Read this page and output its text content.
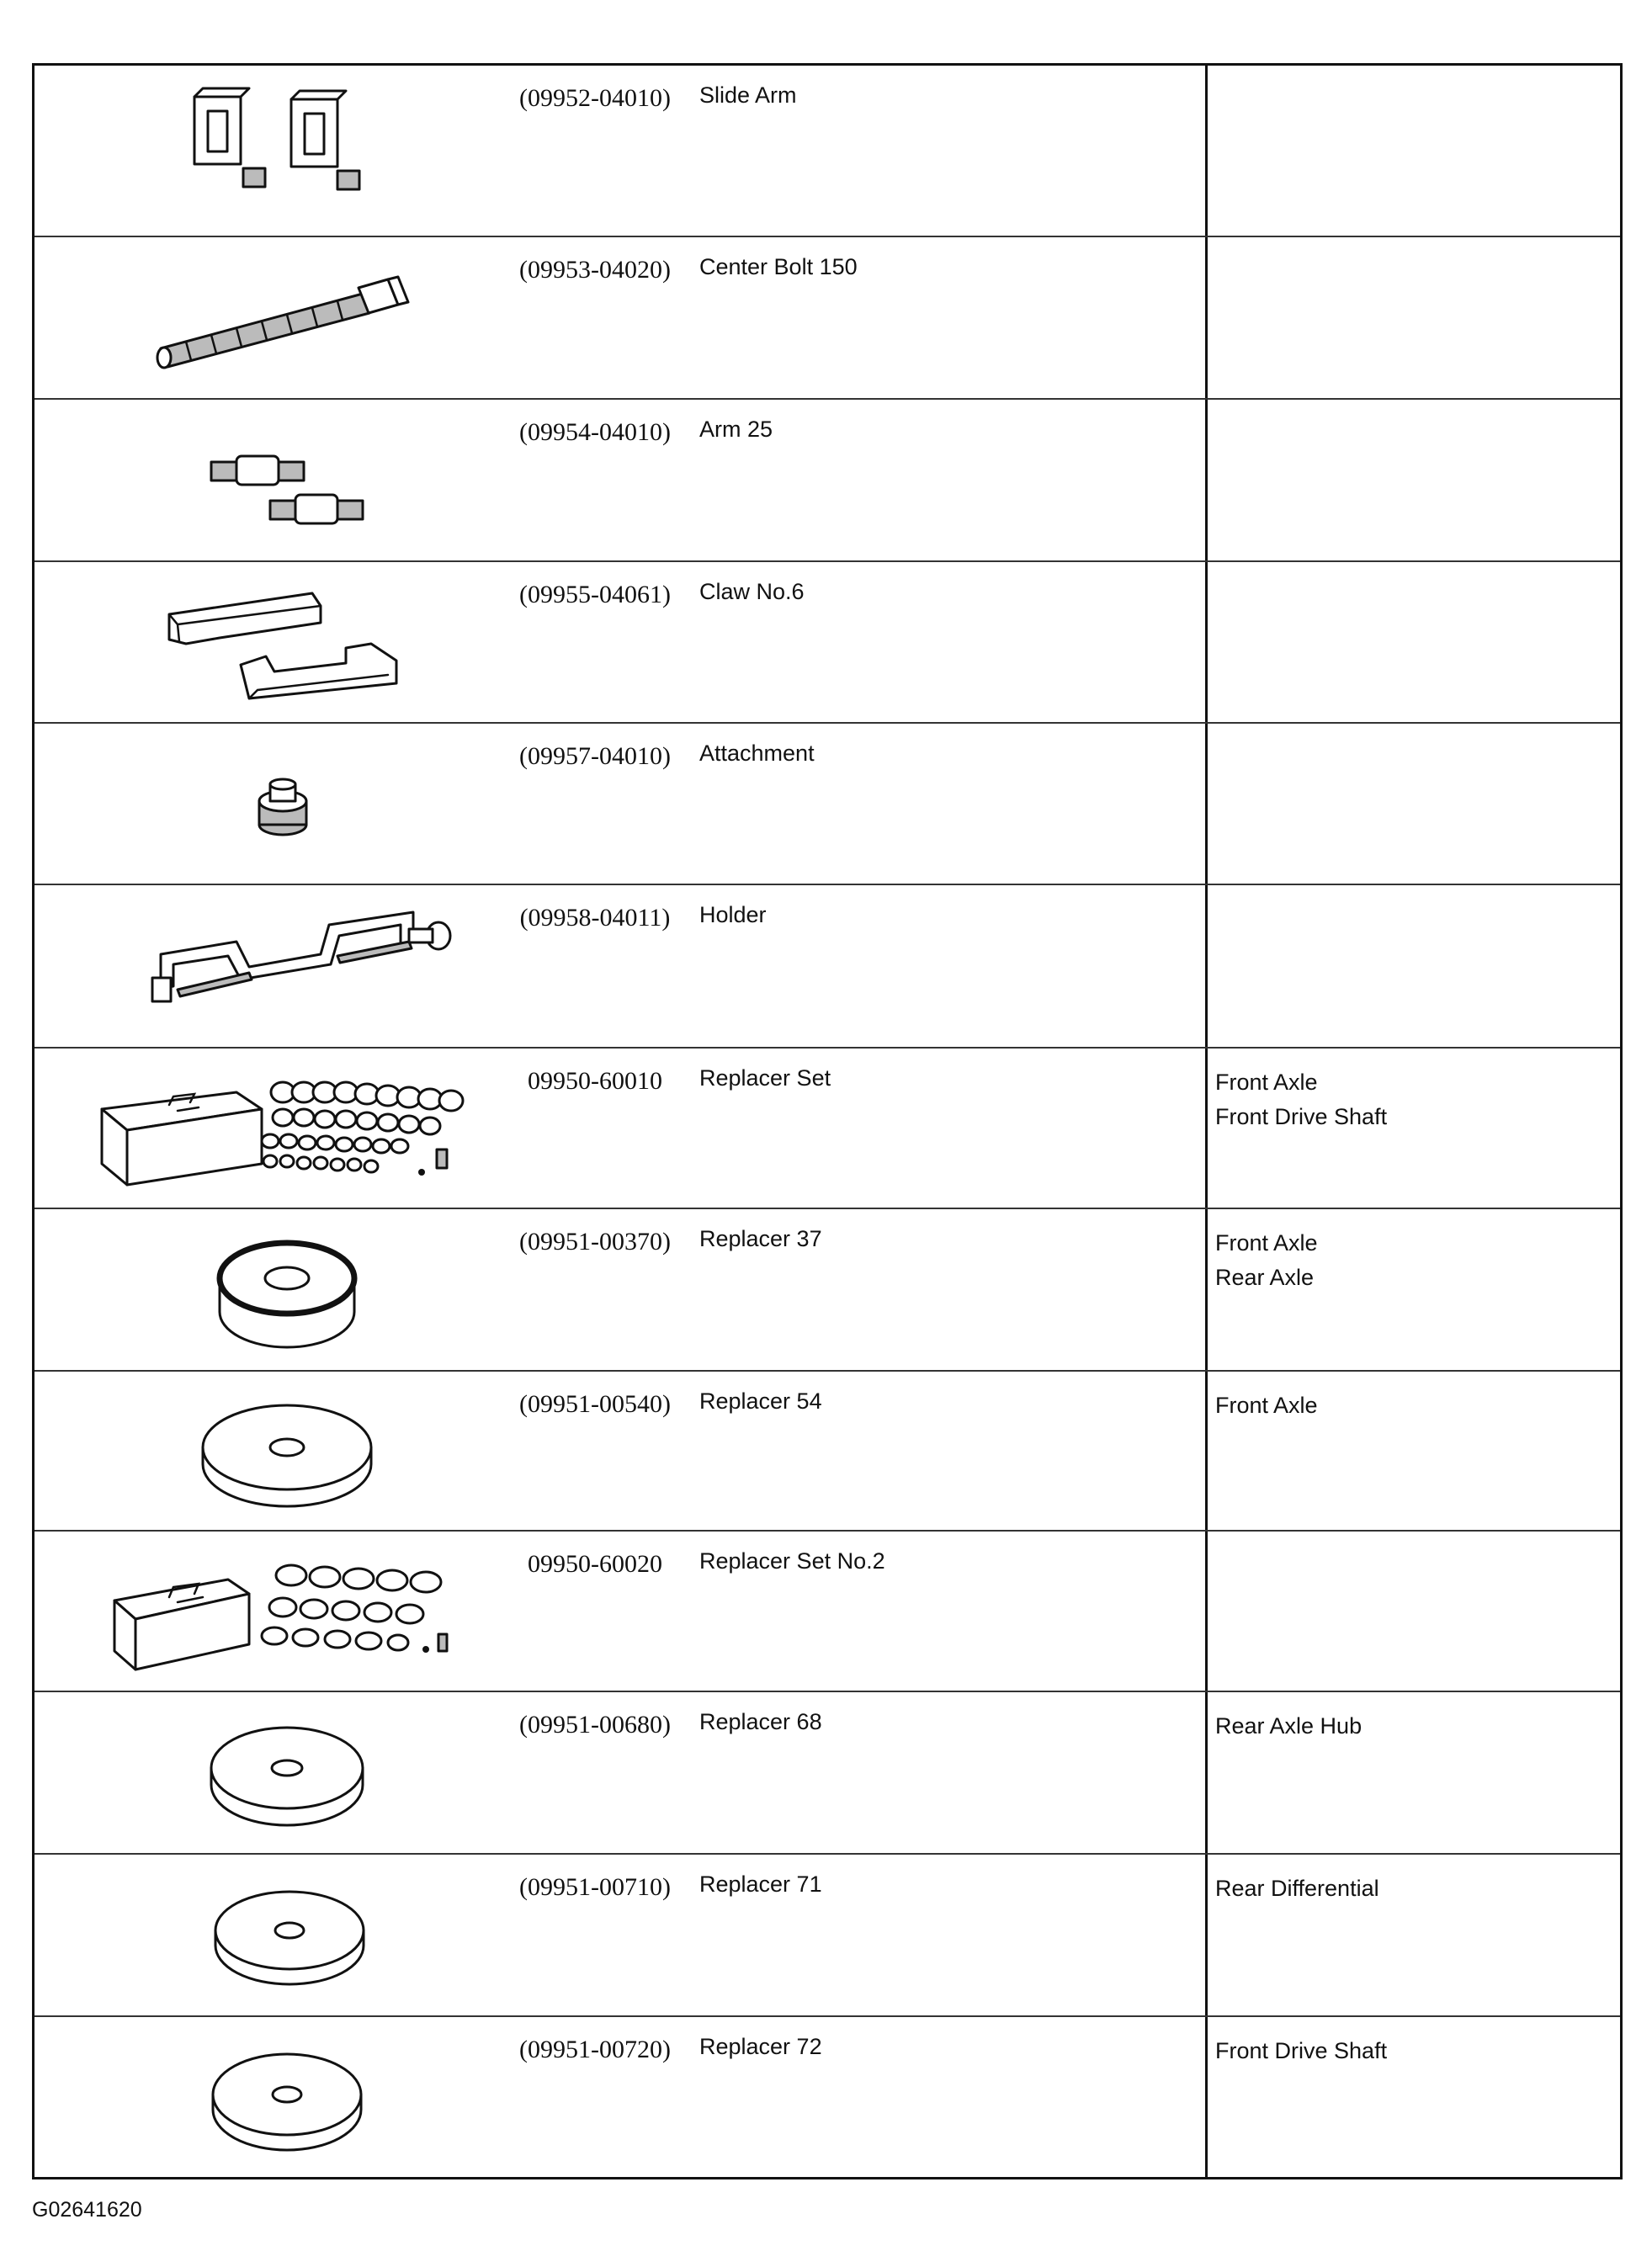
(09952-04010)	Slide Arm
(09953-04020)	Center Bolt 150
(09954-04010)	Arm 25
(09955-04061)	Claw No.6
(09957-04010)	Attachment
(09958-04011)	Holder
09950-60010	Replacer Set	Front Axle
Front Drive Shaft
(09951-00370)	Replacer 37	Front Axle
Rear Axle
(09951-00540)	Replacer 54	Front Axle
09950-60020	Replacer Set No.2
(09951-00680)	Replacer 68	Rear Axle Hub
(09951-00710)	Replacer 71	Rear Differential
(09951-00720)	Replacer 72	Front Drive Shaft
G02641620
